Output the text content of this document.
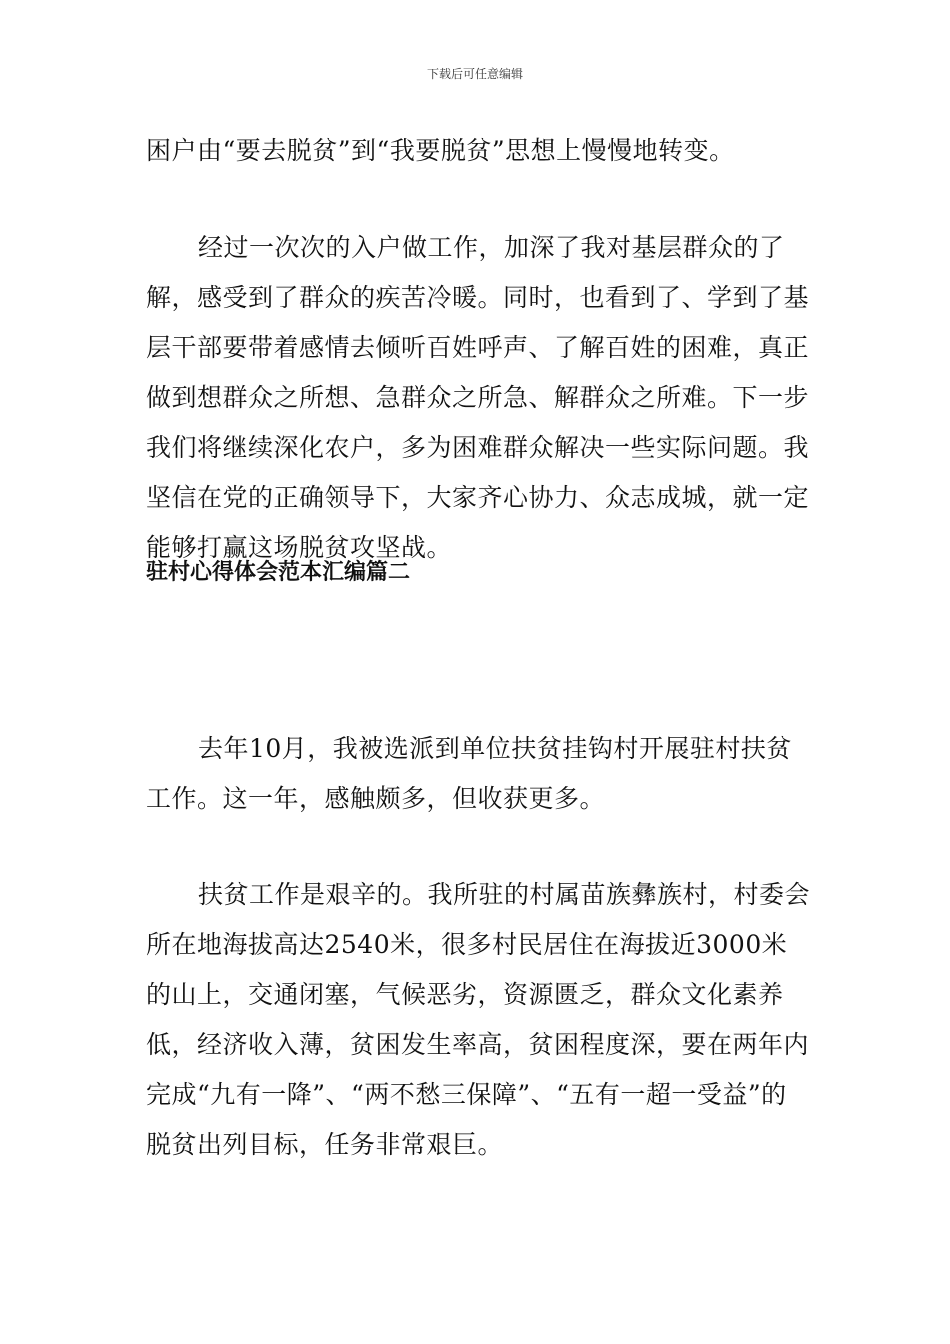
下载后可任意编辑

困户由“要去脱贫”到“我要脱贫”思想上慢慢地转变。

经过一次次的入户做工作，加深了我对基层群众的了解，感受到了群众的疾苦冷暖。同时，也看到了、学到了基层干部要带着感情去倾听百姓呼声、了解百姓的困难，真正做到想群众之所想、急群众之所急、解群众之所难。下一步我们将继续深化农户，多为困难群众解决一些实际问题。我坚信在党的正确领导下，大家齐心协力、众志成城，就一定能够打赢这场脱贫攻坚战。

驻村心得体会范本汇编篇二

去年10月，我被选派到单位扶贫挂钩村开展驻村扶贫工作。这一年，感触颇多，但收获更多。

扶贫工作是艰辛的。我所驻的村属苗族彝族村，村委会所在地海拔高达2540米，很多村民居住在海拔近3000米的山上，交通闭塞，气候恶劣，资源匮乏，群众文化素养低，经济收入薄，贫困发生率高，贫困程度深，要在两年内完成“九有一降”、“两不愁三保障”、“五有一超一受益”的脱贫出列目标，任务非常艰巨。
